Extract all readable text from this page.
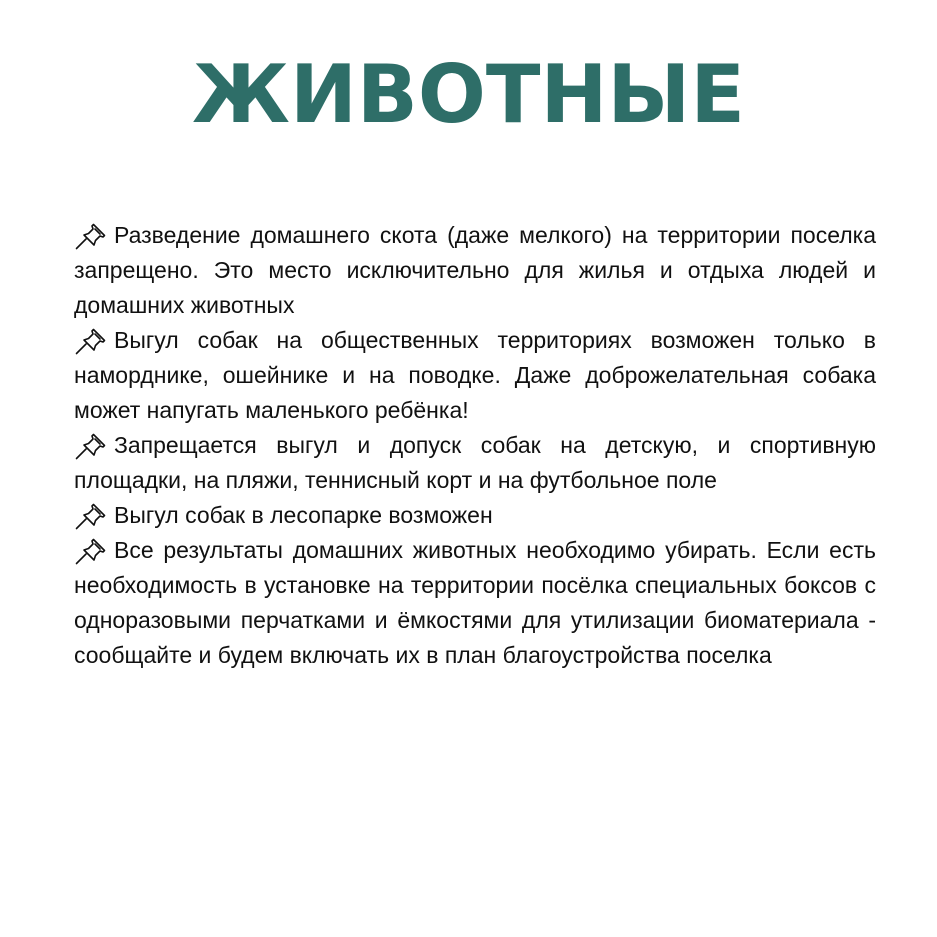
ЖИВОТНЫЕ
Разведение домашнего скота (даже мелкого) на территории поселка запрещено. Это место исключительно для жилья и отдыха людей и домашних животных
Выгул собак на общественных территориях возможен только в наморднике, ошейнике и на поводке. Даже доброжелательная собака может напугать маленького ребёнка!
Запрещается выгул и допуск собак на детскую, и спортивную площадки, на пляжи, теннисный корт и на футбольное поле
Выгул собак в лесопарке возможен
Все результаты домашних животных необходимо убирать. Если есть необходимость в установке на территории посёлка специальных боксов с одноразовыми перчатками и ёмкостями для утилизации биоматериала - сообщайте и будем включать их в план благоустройства поселка
